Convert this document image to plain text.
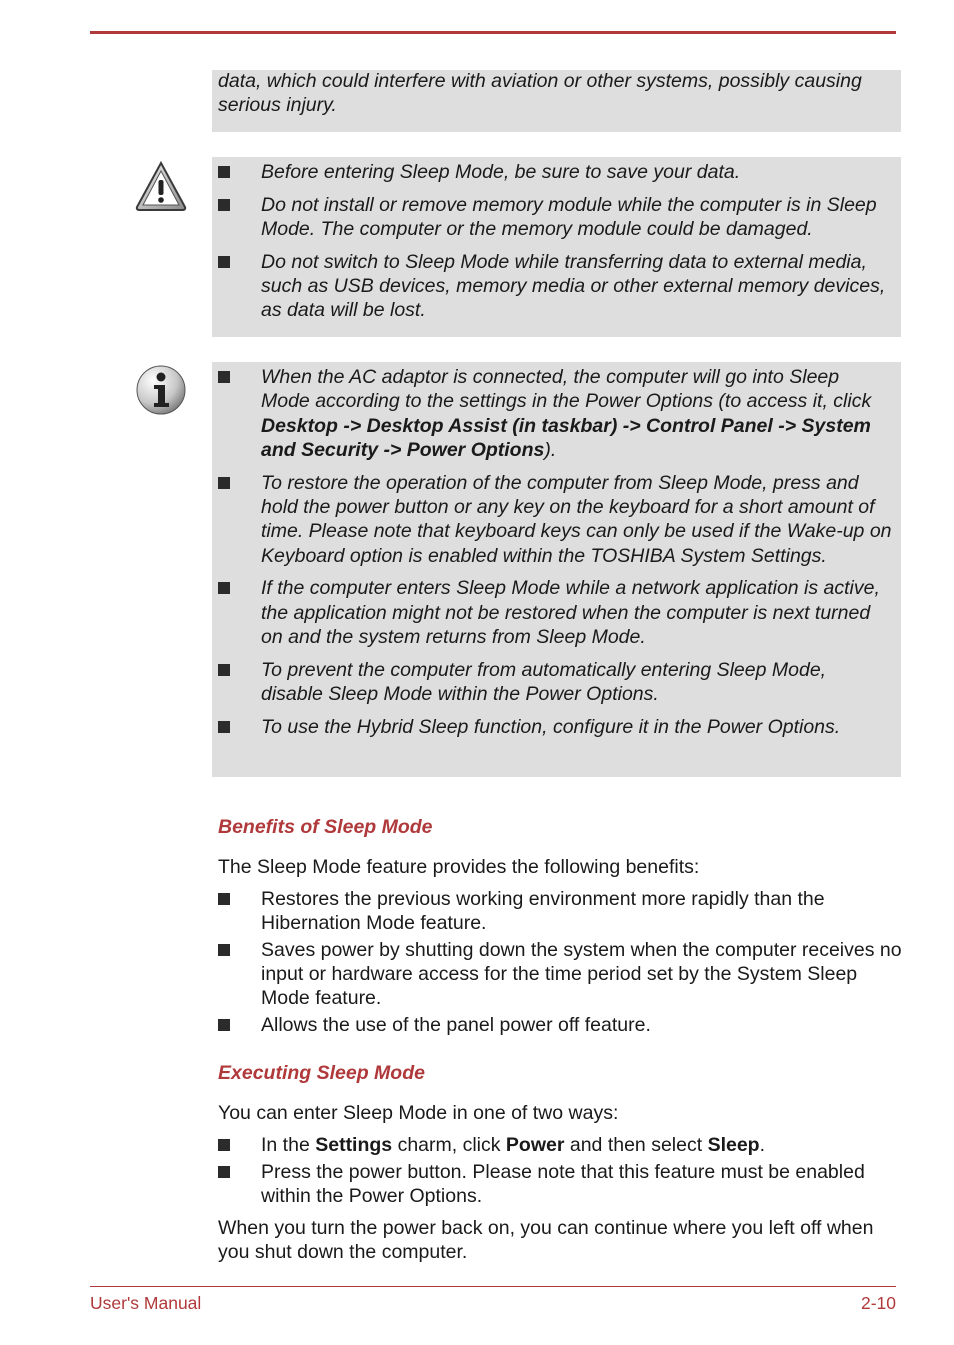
data, which could interfere with aviation or other systems, possibly causing serious injury.
Before entering Sleep Mode, be sure to save your data.
Do not install or remove memory module while the computer is in Sleep Mode. The computer or the memory module could be damaged.
Do not switch to Sleep Mode while transferring data to external media, such as USB devices, memory media or other external memory devices, as data will be lost.
When the AC adaptor is connected, the computer will go into Sleep Mode according to the settings in the Power Options (to access it, click Desktop -> Desktop Assist (in taskbar) -> Control Panel -> System and Security -> Power Options).
To restore the operation of the computer from Sleep Mode, press and hold the power button or any key on the keyboard for a short amount of time. Please note that keyboard keys can only be used if the Wake-up on Keyboard option is enabled within the TOSHIBA System Settings.
If the computer enters Sleep Mode while a network application is active, the application might not be restored when the computer is next turned on and the system returns from Sleep Mode.
To prevent the computer from automatically entering Sleep Mode, disable Sleep Mode within the Power Options.
To use the Hybrid Sleep function, configure it in the Power Options.
Benefits of Sleep Mode
The Sleep Mode feature provides the following benefits:
Restores the previous working environment more rapidly than the Hibernation Mode feature.
Saves power by shutting down the system when the computer receives no input or hardware access for the time period set by the System Sleep Mode feature.
Allows the use of the panel power off feature.
Executing Sleep Mode
You can enter Sleep Mode in one of two ways:
In the Settings charm, click Power and then select Sleep.
Press the power button. Please note that this feature must be enabled within the Power Options.
When you turn the power back on, you can continue where you left off when you shut down the computer.
User's Manual	2-10
